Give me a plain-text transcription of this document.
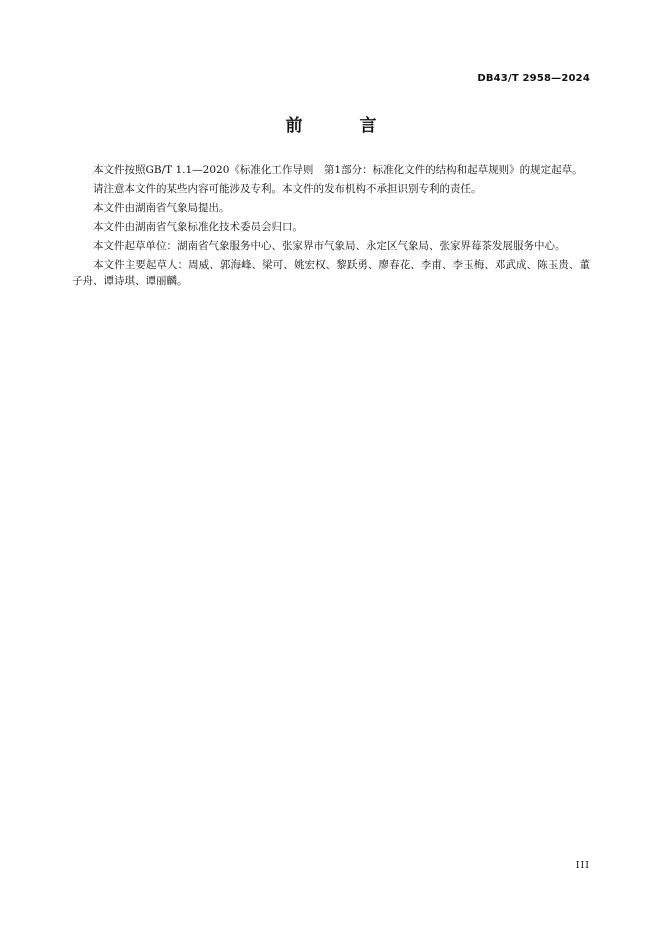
DB43/T 2958—2024
前　言

本文件按照GB/T 1.1—2020《标准化工作导则　第1部分：标准化文件的结构和起草规则》的规定起草。

请注意本文件的某些内容可能涉及专利。本文件的发布机构不承担识别专利的责任。

本文件由湖南省气象局提出。

本文件由湖南省气象标准化技术委员会归口。

本文件起草单位：湖南省气象服务中心、张家界市气象局、永定区气象局、张家界莓茶发展服务中心。

本文件主要起草人：周威、郭海峰、梁可、姚宏权、黎跃勇、廖春花、李甫、李玉梅、邓武成、陈玉贵、董子舟、谭诗琪、谭丽麟。

III
